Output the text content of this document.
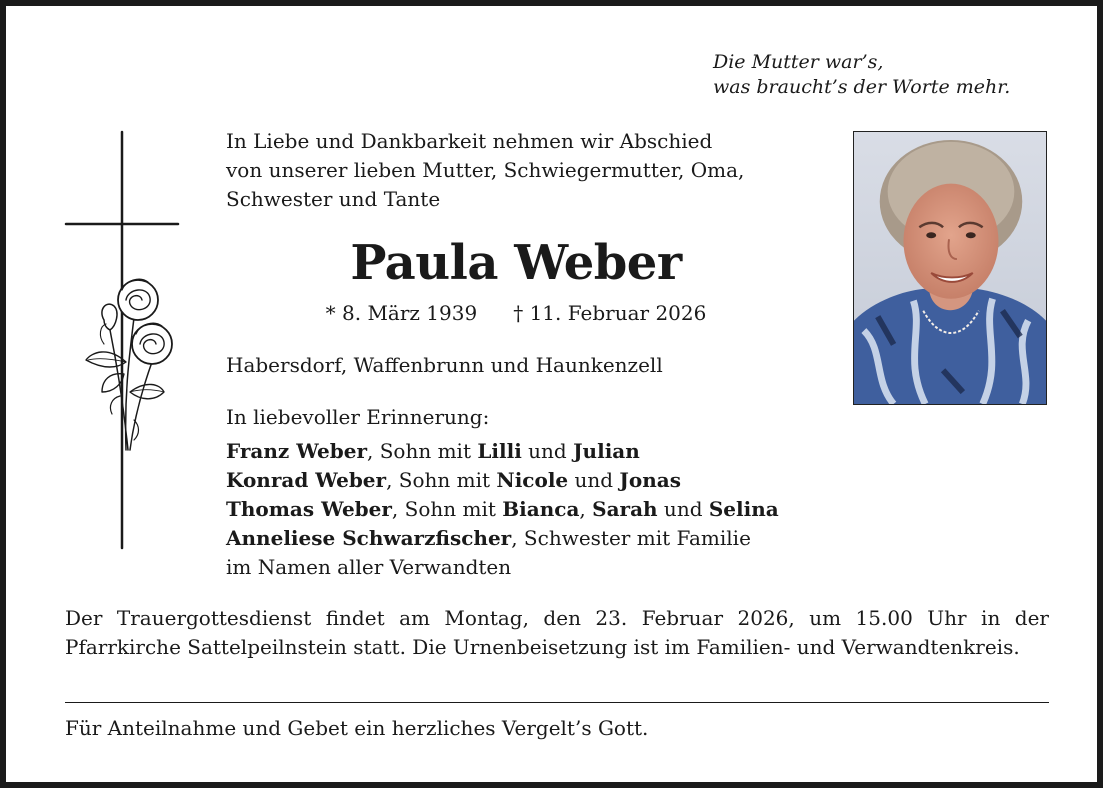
Die Mutter war’s,
was braucht’s der Worte mehr.
In Liebe und Dankbarkeit nehmen wir Abschied
von unserer lieben Mutter, Schwiegermutter, Oma,
Schwester und Tante
Paula Weber
* 8. März 1939 † 11. Februar 2026
Habersdorf, Waffenbrunn und Haunkenzell
In liebevoller Erinnerung:
Franz Weber, Sohn mit Lilli und Julian
Konrad Weber, Sohn mit Nicole und Jonas
Thomas Weber, Sohn mit Bianca, Sarah und Selina
Anneliese Schwarzfischer, Schwester mit Familie
im Namen aller Verwandten
Der Trauergottesdienst findet am Montag, den 23. Februar 2026, um 15.00 Uhr in der Pfarrkirche Sattelpeilnstein statt. Die Urnenbeisetzung ist im Familien- und Verwandtenkreis.
Für Anteilnahme und Gebet ein herzliches Vergelt’s Gott.
